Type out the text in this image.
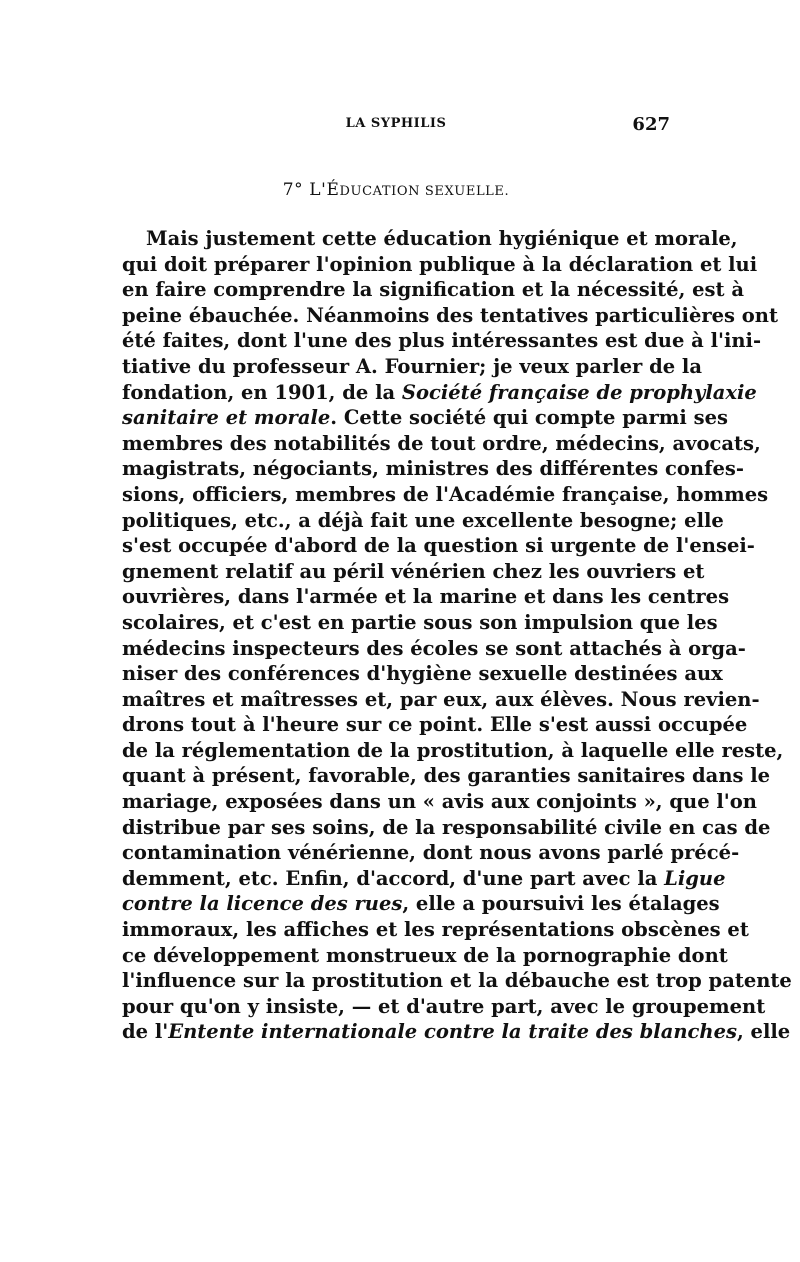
LA SYPHILIS	627
7° L'ÉDUCATION SEXUELLE.
Mais justement cette éducation hygiénique et morale,
qui doit préparer l'opinion publique à la déclaration et lui
en faire comprendre la signification et la nécessité, est à
peine ébauchée. Néanmoins des tentatives particulières ont
été faites, dont l'une des plus intéressantes est due à l'ini-
tiative du professeur A. Fournier; je veux parler de la
fondation, en 1901, de la Société française de prophylaxie
sanitaire et morale. Cette société qui compte parmi ses
membres des notabilités de tout ordre, médecins, avocats,
magistrats, négociants, ministres des différentes confes-
sions, officiers, membres de l'Académie française, hommes
politiques, etc., a déjà fait une excellente besogne; elle
s'est occupée d'abord de la question si urgente de l'ensei-
gnement relatif au péril vénérien chez les ouvriers et
ouvrières, dans l'armée et la marine et dans les centres
scolaires, et c'est en partie sous son impulsion que les
médecins inspecteurs des écoles se sont attachés à orga-
niser des conférences d'hygiène sexuelle destinées aux
maîtres et maîtresses et, par eux, aux élèves. Nous revien-
drons tout à l'heure sur ce point. Elle s'est aussi occupée
de la réglementation de la prostitution, à laquelle elle reste,
quant à présent, favorable, des garanties sanitaires dans le
mariage, exposées dans un « avis aux conjoints », que l'on
distribue par ses soins, de la responsabilité civile en cas de
contamination vénérienne, dont nous avons parlé précé-
demment, etc. Enfin, d'accord, d'une part avec la Ligue
contre la licence des rues, elle a poursuivi les étalages
immoraux, les affiches et les représentations obscènes et
ce développement monstrueux de la pornographie dont
l'influence sur la prostitution et la débauche est trop patente
pour qu'on y insiste, — et d'autre part, avec le groupement
de l'Entente internationale contre la traite des blanches, elle
